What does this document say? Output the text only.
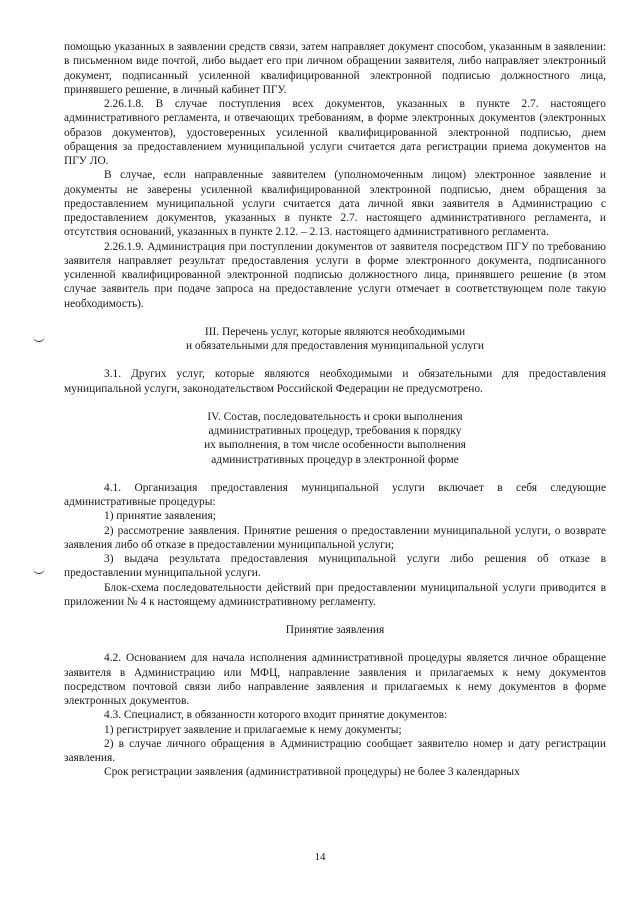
помощью указанных в заявлении средств связи, затем направляет документ способом, указанным в заявлении: в письменном виде почтой, либо выдает его при личном обращении заявителя, либо направляет электронный документ, подписанный усиленной квалифицированной электронной подписью должностного лица, принявшего решение, в личный кабинет ПГУ.

2.26.1.8. В случае поступления всех документов, указанных в пункте 2.7. настоящего административного регламента, и отвечающих требованиям, в форме электронных документов (электронных образов документов), удостоверенных усиленной квалифицированной электронной подписью, днем обращения за предоставлением муниципальной услуги считается дата регистрации приема документов на ПГУ ЛО.

В случае, если направленные заявителем (уполномоченным лицом) электронное заявление и документы не заверены усиленной квалифицированной электронной подписью, днем обращения за предоставлением муниципальной услуги считается дата личной явки заявителя в Администрацию с предоставлением документов, указанных в пункте 2.7. настоящего административного регламента, и отсутствия оснований, указанных в пункте 2.12. – 2.13. настоящего административного регламента.

2.26.1.9. Администрация при поступлении документов от заявителя посредством ПГУ по требованию заявителя направляет результат предоставления услуги в форме электронного документа, подписанного усиленной квалифицированной электронной подписью должностного лица, принявшего решение (в этом случае заявитель при подаче запроса на предоставление услуги отмечает в соответствующем поле такую необходимость).

III. Перечень услуг, которые являются необходимыми

и обязательными для предоставления муниципальной услуги

3.1. Других услуг, которые являются необходимыми и обязательными для предоставления муниципальной услуги, законодательством Российской Федерации не предусмотрено.

IV. Состав, последовательность и сроки выполнения

административных процедур, требования к порядку

их выполнения, в том числе особенности выполнения

административных процедур в электронной форме

4.1. Организация предоставления муниципальной услуги включает в себя следующие административные процедуры:

1) принятие заявления;

2) рассмотрение заявления. Принятие решения о предоставлении муниципальной услуги, о возврате заявления либо об отказе в предоставлении муниципальной услуги;

3) выдача результата предоставления муниципальной услуги либо решения об отказе в предоставлении муниципальной услуги.

Блок-схема последовательности действий при предоставлении муниципальной услуги приводится в приложении № 4 к настоящему административному регламенту.

Принятие заявления

4.2. Основанием для начала исполнения административной процедуры является личное обращение заявителя в Администрацию или МФЦ, направление заявления и прилагаемых к нему документов посредством почтовой связи либо направление заявления и прилагаемых к нему документов в форме электронных документов.

4.3. Специалист, в обязанности которого входит принятие документов:

1) регистрирует заявление и прилагаемые к нему документы;

2) в случае личного обращения в Администрацию сообщает заявителю номер и дату регистрации заявления.

Срок регистрации заявления (административной процедуры) не более 3 календарных

14
